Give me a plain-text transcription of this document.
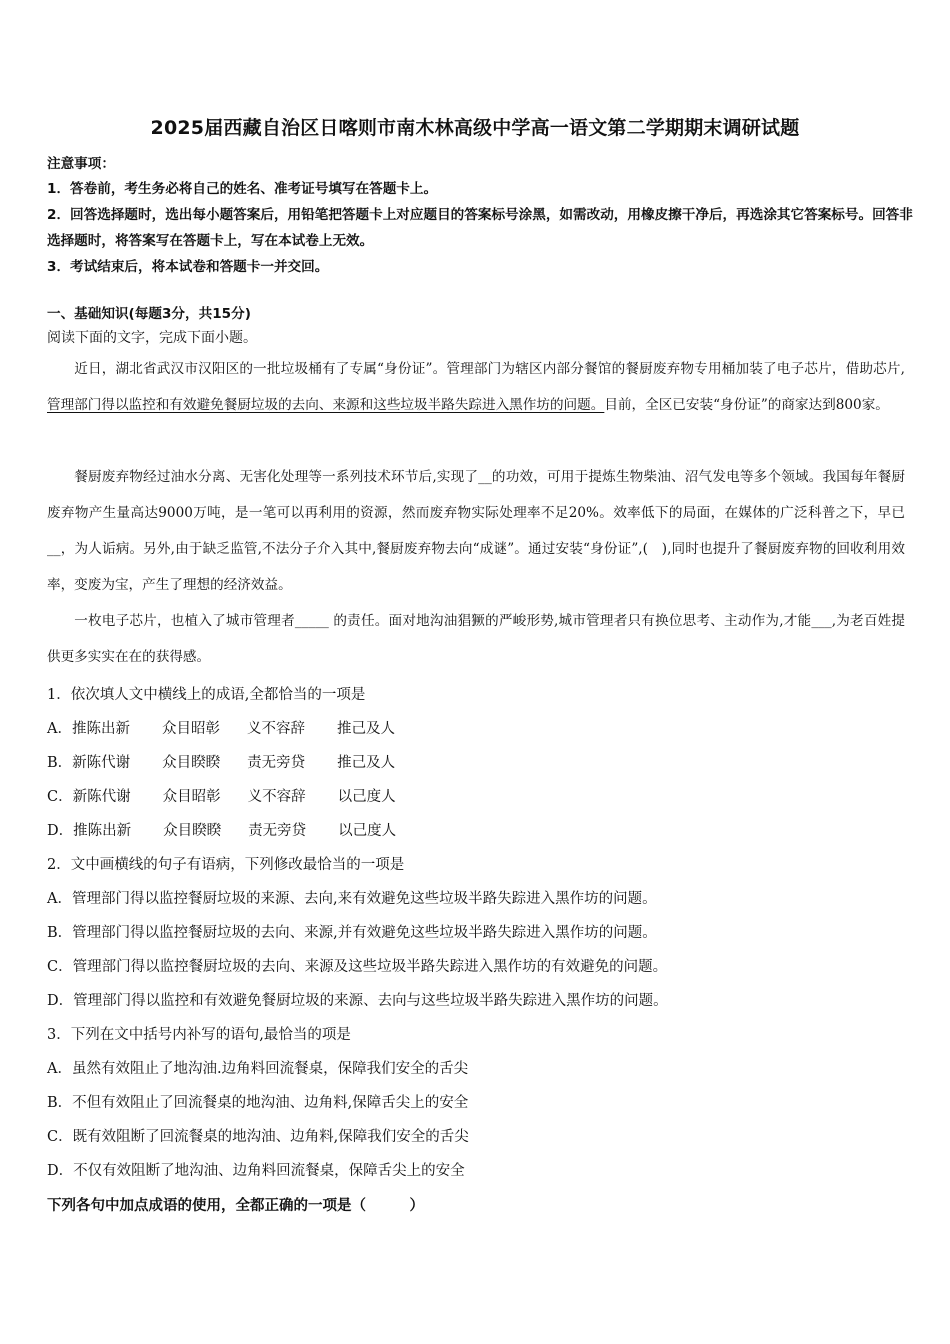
2025届西藏自治区日喀则市南木林高级中学高一语文第二学期期末调研试题
注意事项：
1．答卷前，考生务必将自己的姓名、准考证号填写在答题卡上。
2．回答选择题时，选出每小题答案后，用铅笔把答题卡上对应题目的答案标号涂黑，如需改动，用橡皮擦干净后，再选涂其它答案标号。回答非选择题时，将答案写在答题卡上，写在本试卷上无效。
3．考试结束后，将本试卷和答题卡一并交回。
一、基础知识(每题3分，共15分)
阅读下面的文字，完成下面小题。
近日，湖北省武汉市汉阳区的一批垃圾桶有了专属“身份证”。管理部门为辖区内部分餐馆的餐厨废弃物专用桶加装了电子芯片，借助芯片,管理部门得以监控和有效避免餐厨垃圾的去向、来源和这些垃圾半路失踪进入黑作坊的问题。目前，全区已安装“身份证”的商家达到800家。
餐厨废弃物经过油水分离、无害化处理等一系列技术环节后,实现了__的功效，可用于提炼生物柴油、沼气发电等多个领域。我国每年餐厨废弃物产生量高达9000万吨，是一笔可以再利用的资源，然而废弃物实际处理率不足20%。效率低下的局面，在媒体的广泛科普之下，早已__，为人诟病。另外,由于缺乏监管,不法分子介入其中,餐厨废弃物去向“成谜”。通过安装“身份证”,(　),同时也提升了餐厨废弃物的回收利用效率，变废为宝，产生了理想的经济效益。
一枚电子芯片，也植入了城市管理者_____ 的责任。面对地沟油猖獗的严峻形势,城市管理者只有换位思考、主动作为,才能___,为老百姓提供更多实实在在的获得感。
1．依次填人文中横线上的成语,全都恰当的一项是
A．推陈出新 众目昭彰 义不容辞 推己及人
B．新陈代谢 众目睽睽 责无旁贷 推己及人
C．新陈代谢 众目昭彰 义不容辞 以己度人
D．推陈出新 众目睽睽 责无旁贷 以己度人
2．文中画横线的句子有语病，下列修改最恰当的一项是
A．管理部门得以监控餐厨垃圾的来源、去向,来有效避免这些垃圾半路失踪进入黑作坊的问题。
B．管理部门得以监控餐厨垃圾的去向、来源,并有效避免这些垃圾半路失踪进入黑作坊的问题。
C．管理部门得以监控餐厨垃圾的去向、来源及这些垃圾半路失踪进入黑作坊的有效避免的问题。
D．管理部门得以监控和有效避免餐厨垃圾的来源、去向与这些垃圾半路失踪进入黑作坊的问题。
3．下列在文中括号内补写的语句,最恰当的项是
A．虽然有效阻止了地沟油.边角料回流餐桌，保障我们安全的舌尖
B．不但有效阻止了回流餐桌的地沟油、边角料,保障舌尖上的安全
C．既有效阻断了回流餐桌的地沟油、边角料,保障我们安全的舌尖
D．不仅有效阻断了地沟油、边角料回流餐桌，保障舌尖上的安全
下列各句中加点成语的使用，全都正确的一项是（　　　）
